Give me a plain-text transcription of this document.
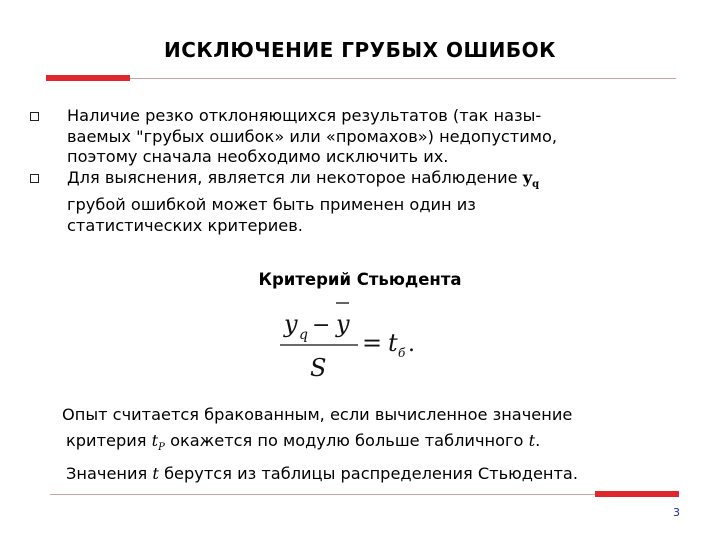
ИСКЛЮЧЕНИЕ ГРУБЫХ ОШИБОК
Наличие резко отклоняющихся результатов (так назы-
ваемых "грубых ошибок» или «промахов») недопустимо,
поэтому сначала необходимо исключить их.
Для выяснения, является ли некоторое наблюдение $y_q$
грубой ошибкой может быть применен один из
статистических критериев.
Критерий Стьюдента
y q y
S
t б
−
= .
Опыт считается бракованным, если вычисленное значение
критерия $t_P$ окажется по модулю больше табличного t.
Значения t берутся из таблицы распределения Стьюдента.
3
